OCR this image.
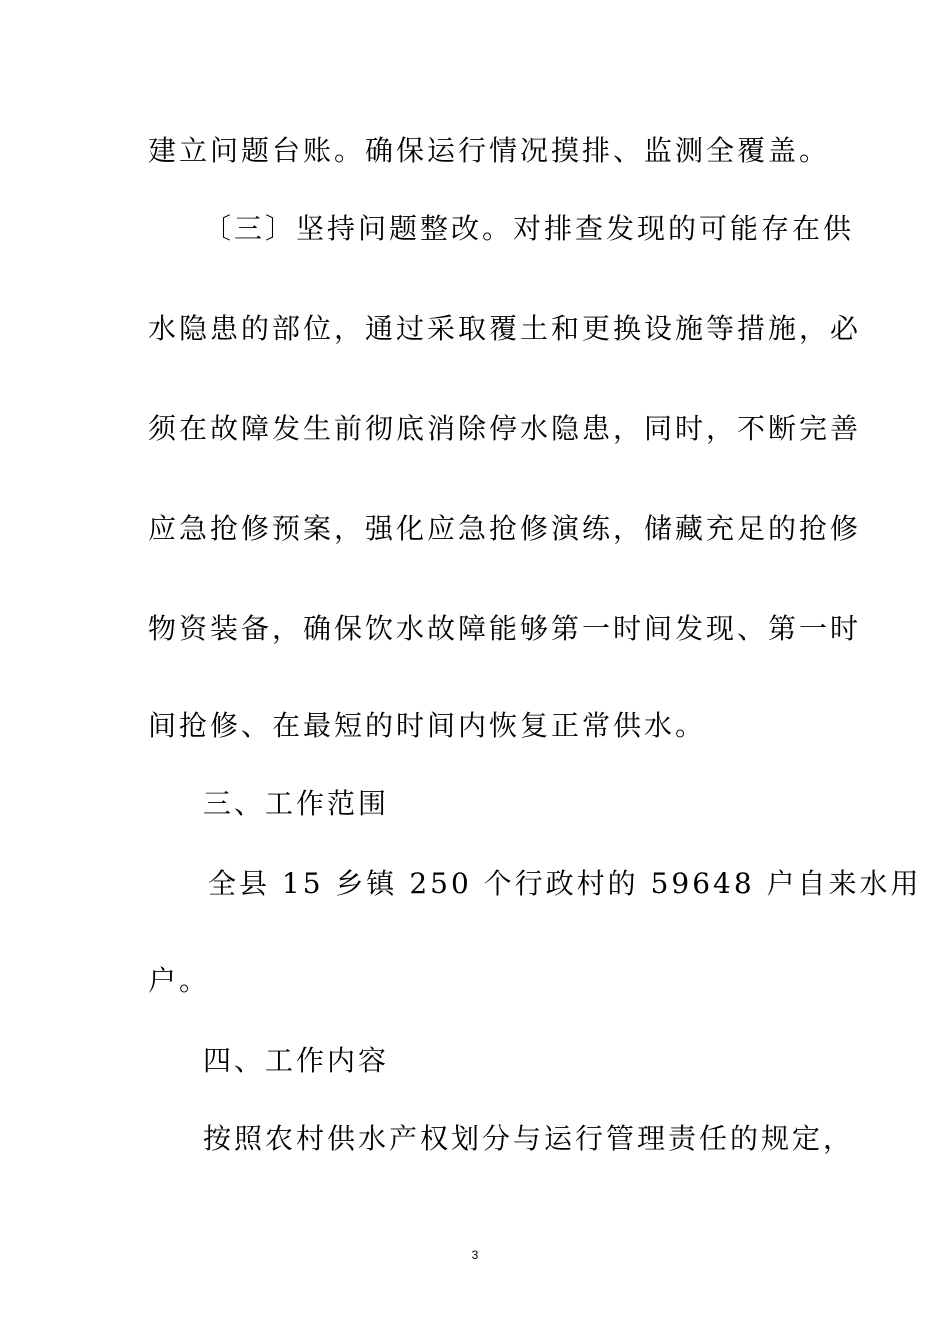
建立问题台账。确保运行情况摸排、监测全覆盖。
〔三〕坚持问题整改。对排查发现的可能存在供
水隐患的部位，通过采取覆土和更换设施等措施，必
须在故障发生前彻底消除停水隐患，同时，不断完善
应急抢修预案，强化应急抢修演练，储藏充足的抢修
物资装备，确保饮水故障能够第一时间发现、第一时
间抢修、在最短的时间内恢复正常供水。
三、工作范围
全县 15 乡镇 250 个行政村的 59648 户自来水用
户。
四、工作内容
按照农村供水产权划分与运行管理责任的规定，
3
